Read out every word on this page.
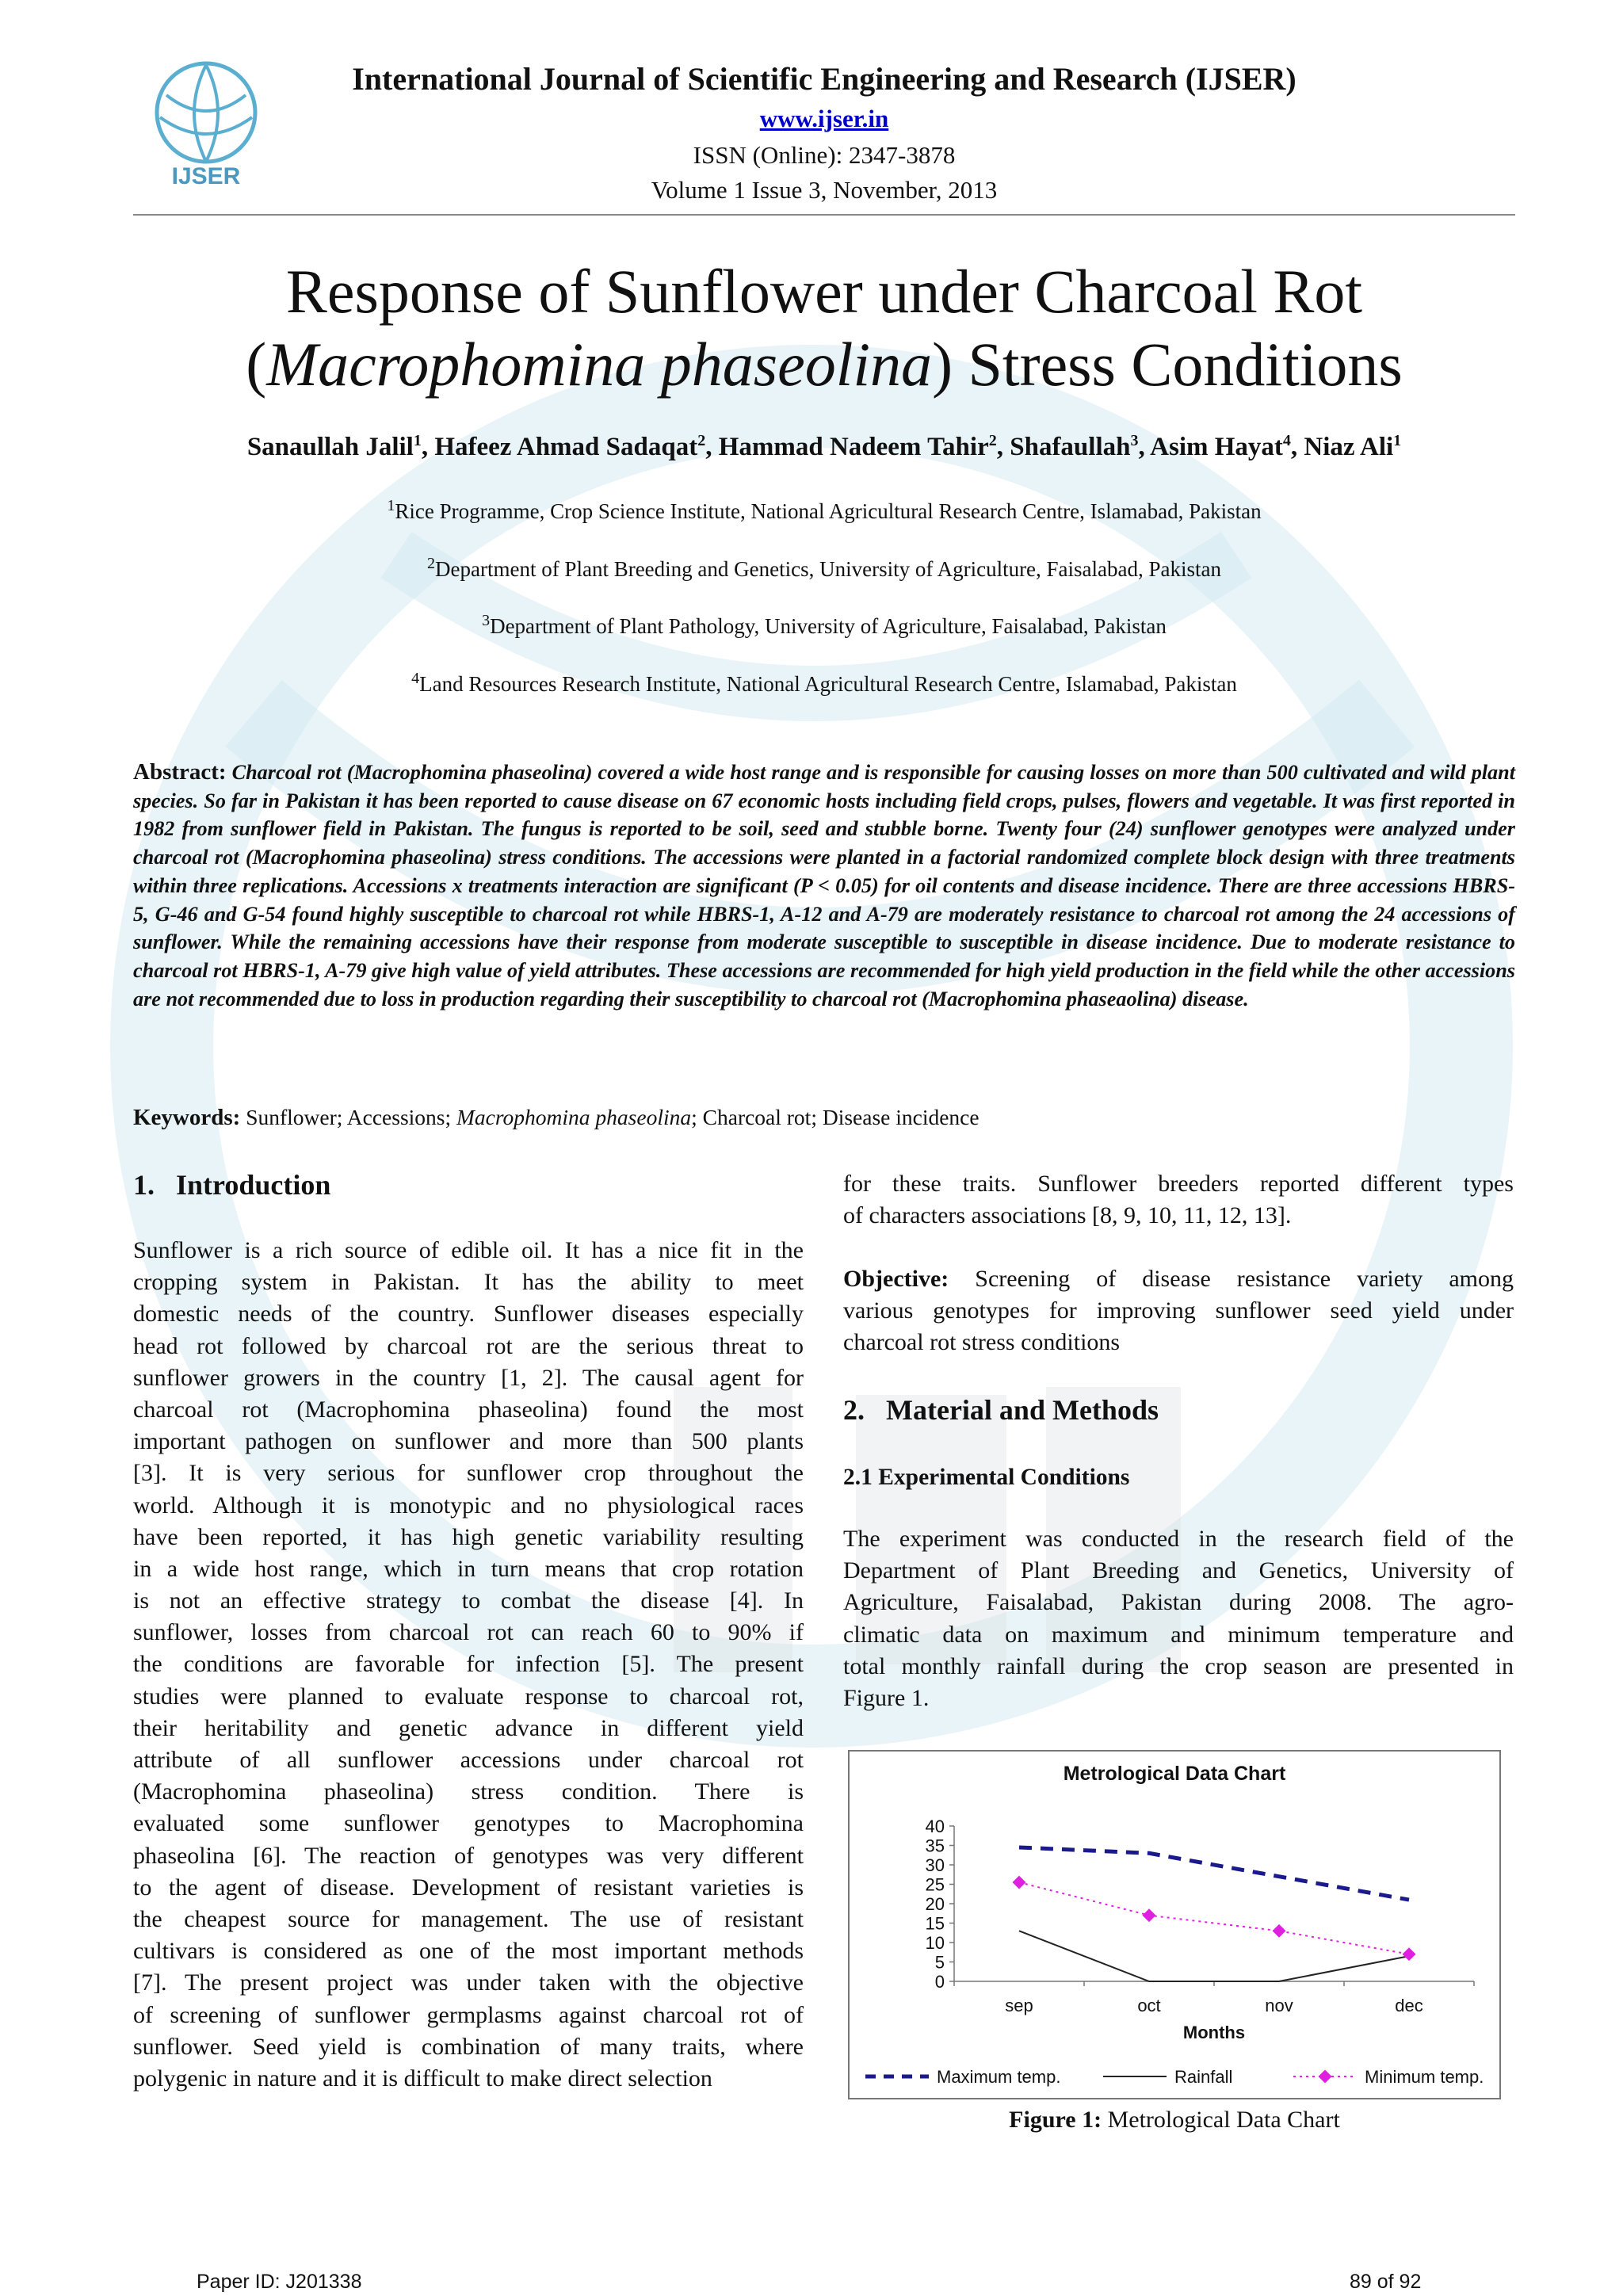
IJSER
International Journal of Scientific Engineering and Research (IJSER)
www.ijser.in
ISSN (Online): 2347-3878
Volume 1 Issue 3, November, 2013
Response of Sunflower under Charcoal Rot
(Macrophomina phaseolina) Stress Conditions
Sanaullah Jalil$^1$, Hafeez Ahmad Sadaqat$^2$, Hammad Nadeem Tahir$^2$, Shafaullah$^3$, Asim Hayat$^4$, Niaz Ali$^1$
$^1$Rice Programme, Crop Science Institute, National Agricultural Research Centre, Islamabad, Pakistan
$^2$Department of Plant Breeding and Genetics, University of Agriculture, Faisalabad, Pakistan
$^3$Department of Plant Pathology, University of Agriculture, Faisalabad, Pakistan
$^4$Land Resources Research Institute, National Agricultural Research Centre, Islamabad, Pakistan
Abstract: Charcoal rot (Macrophomina phaseolina) covered a wide host range and is responsible for causing losses on more than 500 cultivated and wild plant species. So far in Pakistan it has been reported to cause disease on 67 economic hosts including field crops, pulses, flowers and vegetable. It was first reported in 1982 from sunflower field in Pakistan. The fungus is reported to be soil, seed and stubble borne. Twenty four (24) sunflower genotypes were analyzed under charcoal rot (Macrophomina phaseolina) stress conditions. The accessions were planted in a factorial randomized complete block design with three treatments within three replications. Accessions x treatments interaction are significant (P < 0.05) for oil contents and disease incidence. There are three accessions HBRS-5, G-46 and G-54 found highly susceptible to charcoal rot while HBRS-1, A-12 and A-79 are moderately resistance to charcoal rot among the 24 accessions of sunflower. While the remaining accessions have their response from moderate susceptible to susceptible in disease incidence. Due to moderate resistance to charcoal rot HBRS-1, A-79 give high value of yield attributes. These accessions are recommended for high yield production in the field while the other accessions are not recommended due to loss in production regarding their susceptibility to charcoal rot (Macrophomina phaseaolina) disease.
Keywords: Sunflower; Accessions; Macrophomina phaseolina; Charcoal rot; Disease incidence
1.   Introduction
Sunflower is a rich source of edible oil. It has a nice fit in the
cropping system in Pakistan. It has the ability to meet
domestic needs of the country. Sunflower diseases especially
head rot followed by charcoal rot are the serious threat to
sunflower growers in the country [1, 2]. The causal agent for
charcoal rot (Macrophomina phaseolina) found the most
important pathogen on sunflower and more than 500 plants
[3]. It is very serious for sunflower crop throughout the
world. Although it is monotypic and no physiological races
have been reported, it has high genetic variability resulting
in a wide host range, which in turn means that crop rotation
is not an effective strategy to combat the disease [4]. In
sunflower, losses from charcoal rot can reach 60 to 90% if
the conditions are favorable for infection [5]. The present
studies were planned to evaluate response to charcoal rot,
their heritability and genetic advance in different yield
attribute of all sunflower accessions under charcoal rot
(Macrophomina phaseolina) stress condition. There is
evaluated some sunflower genotypes to Macrophomina
phaseolina [6]. The reaction of genotypes was very different
to the agent of disease. Development of resistant varieties is
the cheapest source for management. The use of resistant
cultivars is considered as one of the most important methods
[7]. The present project was under taken with the objective
of screening of sunflower germplasms against charcoal rot of
sunflower. Seed yield is combination of many traits, where
polygenic in nature and it is difficult to make direct selection
for these traits. Sunflower breeders reported different types
of characters associations [8, 9, 10, 11, 12, 13].
Objective: Screening of disease resistance variety among
various genotypes for improving sunflower seed yield under
charcoal rot stress conditions
2.   Material and Methods
2.1 Experimental Conditions
The experiment was conducted in the research field of the
Department of Plant Breeding and Genetics, University of
Agriculture, Faisalabad, Pakistan during 2008. The agro-
climatic data on maximum and minimum temperature and
total monthly rainfall during the crop season are presented in
Figure 1.
Metrological Data Chart
0
5
10
15
20
25
30
35
40
sep	oct	nov	dec
Months
Maximum temp.	Rainfall	Minimum temp.
Figure 1: Metrological Data Chart
Paper ID: J201338	89 of 92
